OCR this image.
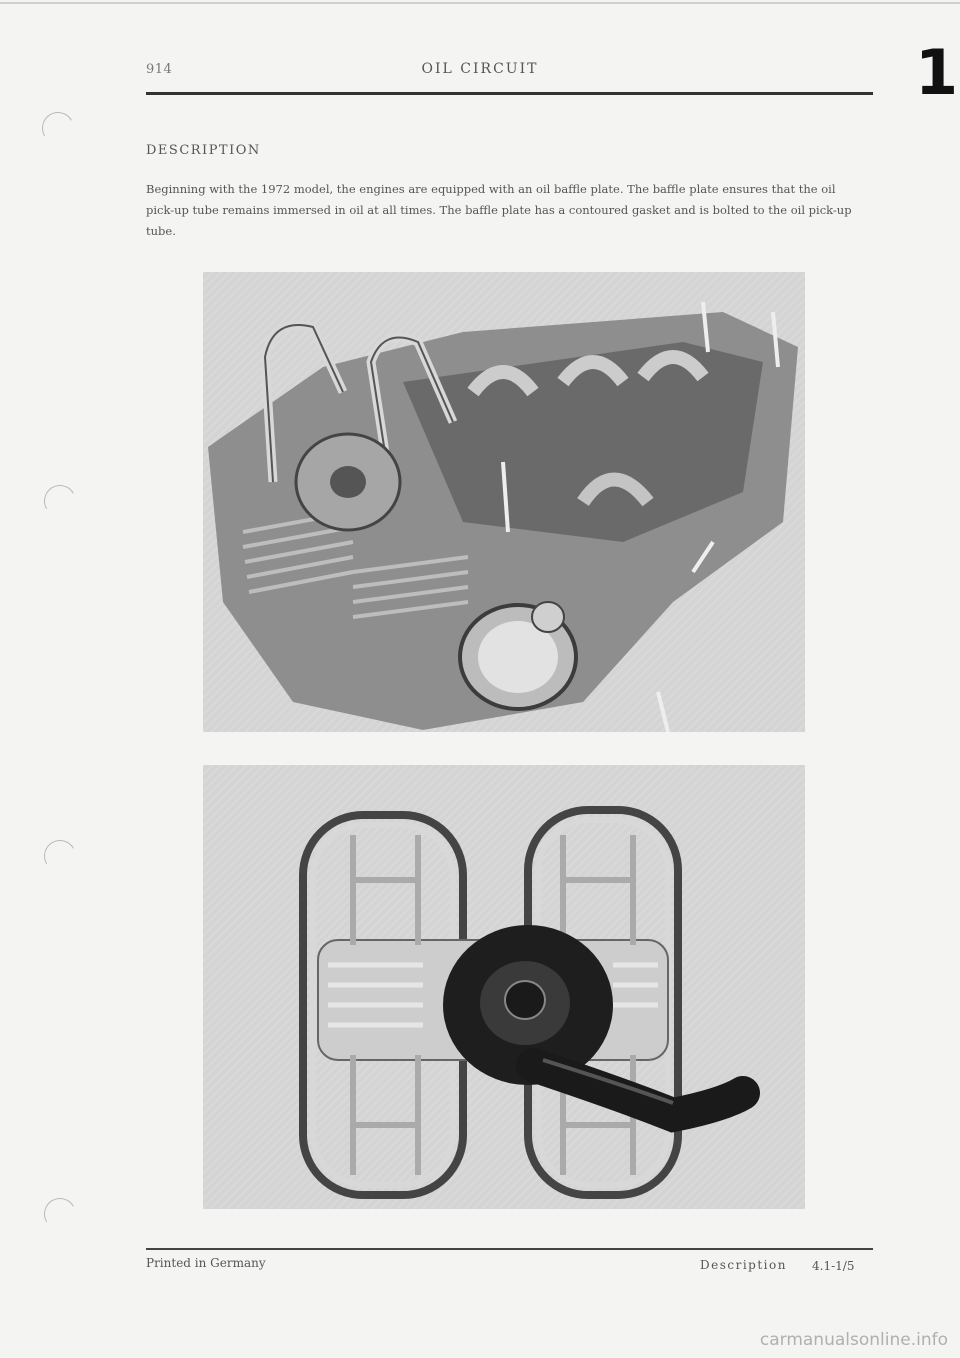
914	OIL CIRCUIT	1
DESCRIPTION
Beginning with the 1972 model, the engines are equipped with an oil baffle plate. The baffle plate ensures that the oil pick-up tube remains immersed in oil at all times. The baffle plate has a contoured gasket and is bolted to the oil pick-up tube.
Printed in Germany	Description 4.1-1/5
carmanualsonline.info
